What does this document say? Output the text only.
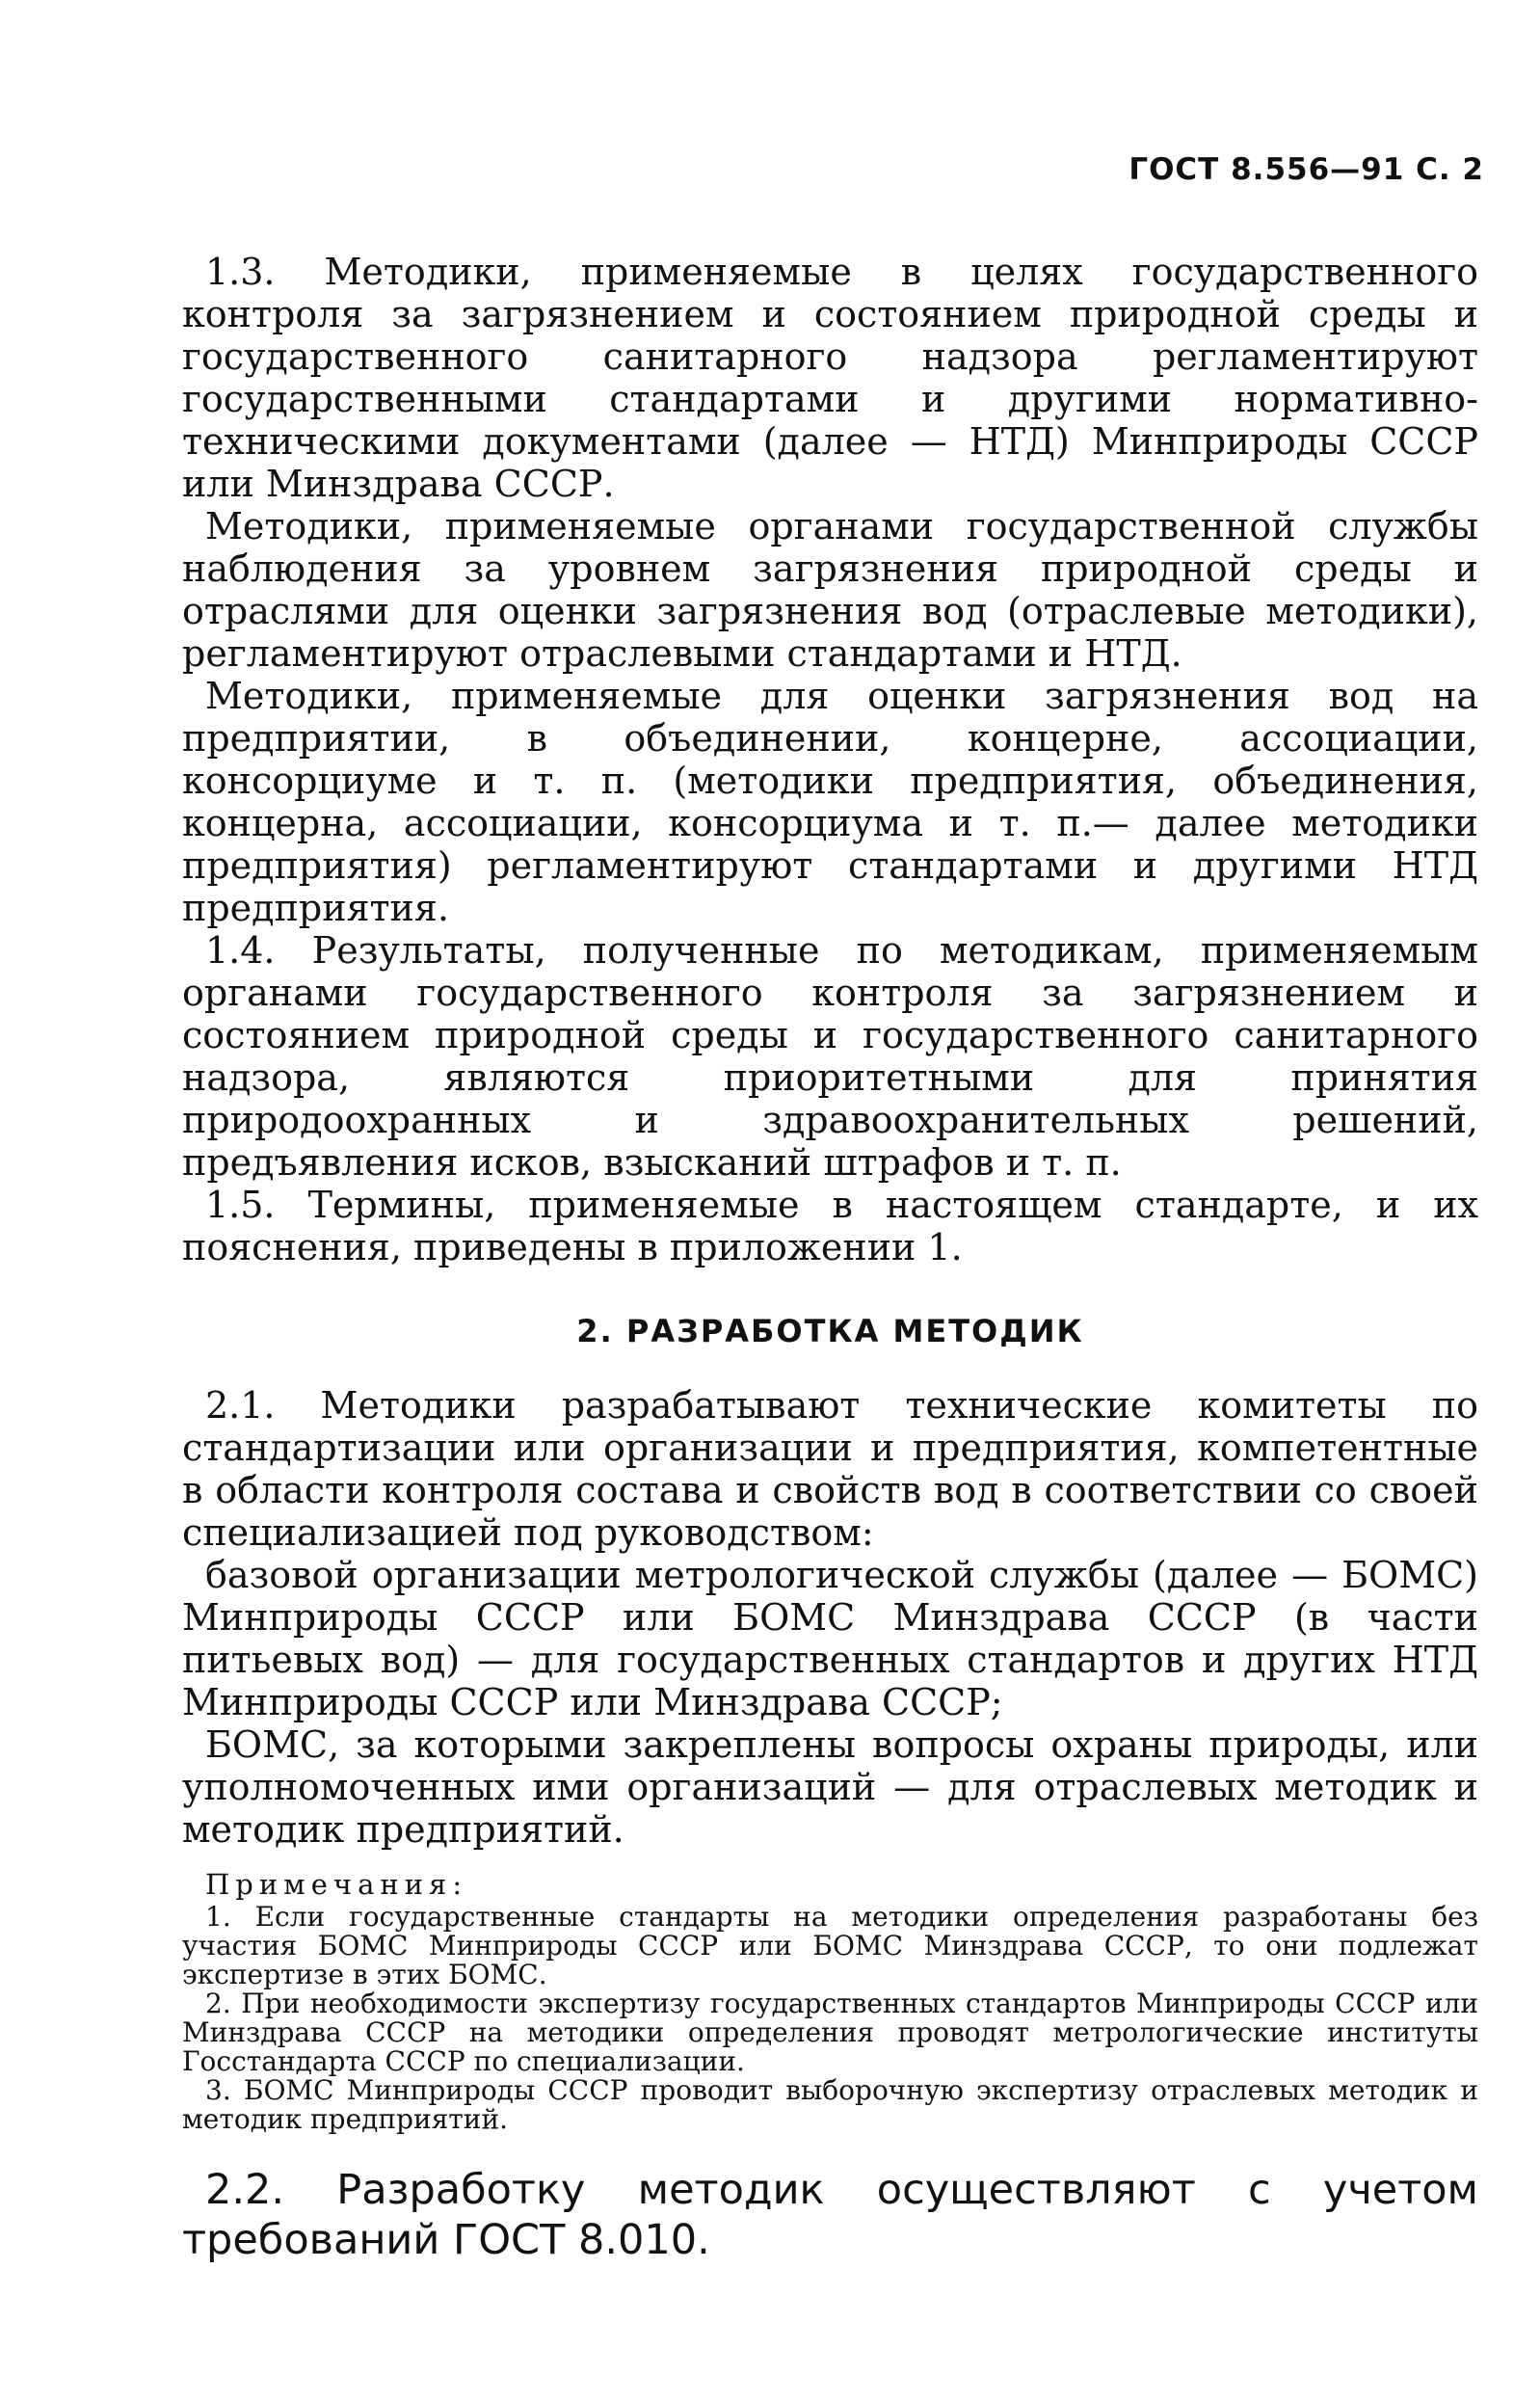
ГОСТ 8.556—91 С. 2

1.3. Методики, применяемые в целях государственного контроля за загрязнением и состоянием природной среды и государственного санитарного надзора регламентируют государственными стандартами и другими нормативно-техническими документами (далее — НТД) Минприроды СССР или Минздрава СССР.

Методики, применяемые органами государственной службы наблюдения за уровнем загрязнения природной среды и отраслями для оценки загрязнения вод (отраслевые методики), регламентируют отраслевыми стандартами и НТД.

Методики, применяемые для оценки загрязнения вод на предприятии, в объединении, концерне, ассоциации, консорциуме и т. п. (методики предприятия, объединения, концерна, ассоциации, консорциума и т. п.— далее методики предприятия) регламентируют стандартами и другими НТД предприятия.

1.4. Результаты, полученные по методикам, применяемым органами государственного контроля за загрязнением и состоянием природной среды и государственного санитарного надзора, являются приоритетными для принятия природоохранных и здравоохранительных решений, предъявления исков, взысканий штрафов и т. п.

1.5. Термины, применяемые в настоящем стандарте, и их пояснения, приведены в приложении 1.

2. РАЗРАБОТКА МЕТОДИК

2.1. Методики разрабатывают технические комитеты по стандартизации или организации и предприятия, компетентные в области контроля состава и свойств вод в соответствии со своей специализацией под руководством:

базовой организации метрологической службы (далее — БОМС) Минприроды СССР или БОМС Минздрава СССР (в части питьевых вод) — для государственных стандартов и других НТД Минприроды СССР или Минздрава СССР;

БОМС, за которыми закреплены вопросы охраны природы, или уполномоченных ими организаций — для отраслевых методик и методик предприятий.

Примечания:

1. Если государственные стандарты на методики определения разработаны без участия БОМС Минприроды СССР или БОМС Минздрава СССР, то они подлежат экспертизе в этих БОМС.

2. При необходимости экспертизу государственных стандартов Минприроды СССР или Минздрава СССР на методики определения проводят метрологические институты Госстандарта СССР по специализации.

3. БОМС Минприроды СССР проводит выборочную экспертизу отраслевых методик и методик предприятий.

2.2. Разработку методик осуществляют с учетом требований ГОСТ 8.010.
